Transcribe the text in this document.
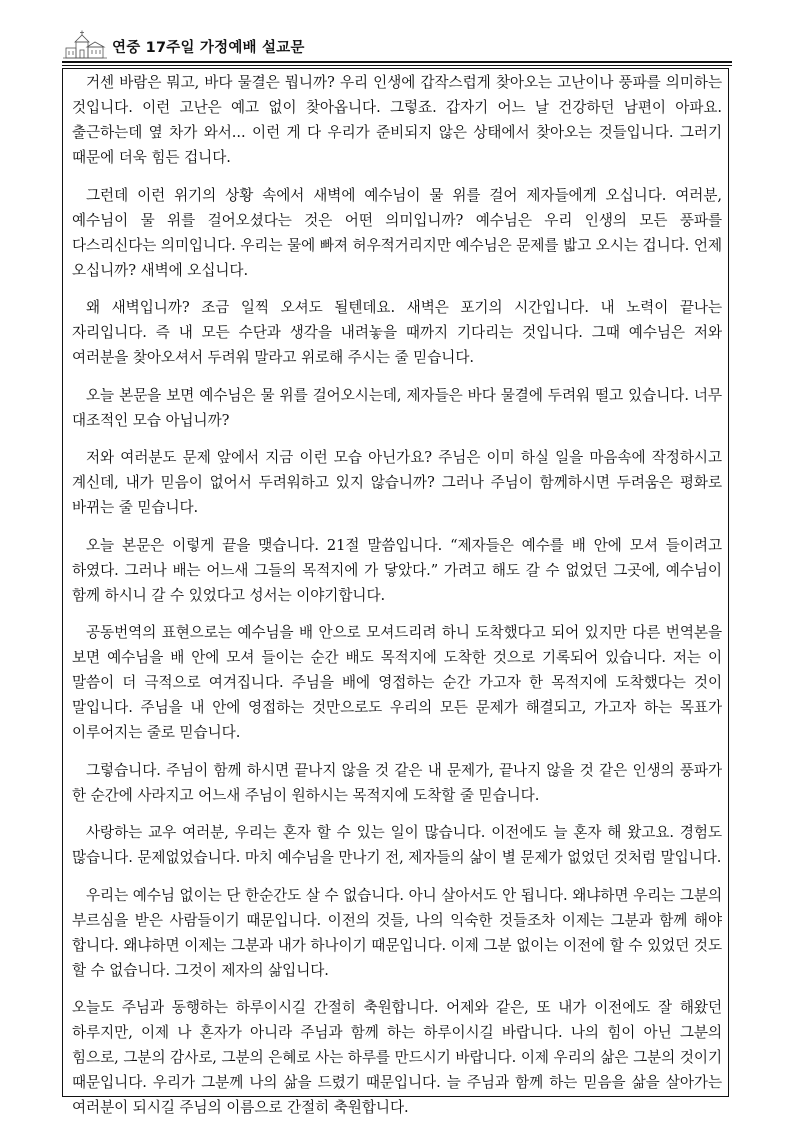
연중 17주일 가정예배 설교문

거센 바람은 뭐고, 바다 물결은 뭡니까? 우리 인생에 갑작스럽게 찾아오는 고난이나 풍파를 의미하는 것입니다. 이런 고난은 예고 없이 찾아옵니다. 그렇죠. 갑자기 어느 날 건강하던 남편이 아파요. 출근하는데 옆 차가 와서... 이런 게 다 우리가 준비되지 않은 상태에서 찾아오는 것들입니다. 그러기 때문에 더욱 힘든 겁니다.

그런데 이런 위기의 상황 속에서 새벽에 예수님이 물 위를 걸어 제자들에게 오십니다. 여러분, 예수님이 물 위를 걸어오셨다는 것은 어떤 의미입니까? 예수님은 우리 인생의 모든 풍파를 다스리신다는 의미입니다. 우리는 물에 빠져 허우적거리지만 예수님은 문제를 밟고 오시는 겁니다. 언제 오십니까? 새벽에 오십니다.

왜 새벽입니까? 조금 일찍 오셔도 될텐데요. 새벽은 포기의 시간입니다. 내 노력이 끝나는 자리입니다. 즉 내 모든 수단과 생각을 내려놓을 때까지 기다리는 것입니다. 그때 예수님은 저와 여러분을 찾아오셔서 두려워 말라고 위로해 주시는 줄 믿습니다.

오늘 본문을 보면 예수님은 물 위를 걸어오시는데, 제자들은 바다 물결에 두려워 떨고 있습니다. 너무 대조적인 모습 아닙니까?

저와 여러분도 문제 앞에서 지금 이런 모습 아닌가요? 주님은 이미 하실 일을 마음속에 작정하시고 계신데, 내가 믿음이 없어서 두려워하고 있지 않습니까? 그러나 주님이 함께하시면 두려움은 평화로 바뀌는 줄 믿습니다.

오늘 본문은 이렇게 끝을 맺습니다. 21절 말씀입니다. “제자들은 예수를 배 안에 모셔 들이려고 하였다. 그러나 배는 어느새 그들의 목적지에 가 닿았다.” 가려고 해도 갈 수 없었던 그곳에, 예수님이 함께 하시니 갈 수 있었다고 성서는 이야기합니다.

공동번역의 표현으로는 예수님을 배 안으로 모셔드리려 하니 도착했다고 되어 있지만 다른 번역본을 보면 예수님을 배 안에 모셔 들이는 순간 배도 목적지에 도착한 것으로 기록되어 있습니다. 저는 이 말씀이 더 극적으로 여겨집니다. 주님을 배에 영접하는 순간 가고자 한 목적지에 도착했다는 것이 말입니다. 주님을 내 안에 영접하는 것만으로도 우리의 모든 문제가 해결되고, 가고자 하는 목표가 이루어지는 줄로 믿습니다.

그렇습니다. 주님이 함께 하시면 끝나지 않을 것 같은 내 문제가, 끝나지 않을 것 같은 인생의 풍파가 한 순간에 사라지고 어느새 주님이 원하시는 목적지에 도착할 줄 믿습니다.

사랑하는 교우 여러분, 우리는 혼자 할 수 있는 일이 많습니다. 이전에도 늘 혼자 해 왔고요. 경험도 많습니다. 문제없었습니다. 마치 예수님을 만나기 전, 제자들의 삶이 별 문제가 없었던 것처럼 말입니다.

우리는 예수님 없이는 단 한순간도 살 수 없습니다. 아니 살아서도 안 됩니다. 왜냐하면 우리는 그분의 부르심을 받은 사람들이기 때문입니다. 이전의 것들, 나의 익숙한 것들조차 이제는 그분과 함께 해야 합니다. 왜냐하면 이제는 그분과 내가 하나이기 때문입니다. 이제 그분 없이는 이전에 할 수 있었던 것도 할 수 없습니다. 그것이 제자의 삶입니다.

오늘도 주님과 동행하는 하루이시길 간절히 축원합니다. 어제와 같은, 또 내가 이전에도 잘 해왔던 하루지만, 이제 나 혼자가 아니라 주님과 함께 하는 하루이시길 바랍니다. 나의 힘이 아닌 그분의 힘으로, 그분의 감사로, 그분의 은혜로 사는 하루를 만드시기 바랍니다. 이제 우리의 삶은 그분의 것이기 때문입니다. 우리가 그분께 나의 삶을 드렸기 때문입니다. 늘 주님과 함께 하는 믿음을 삶을 살아가는 여러분이 되시길 주님의 이름으로 간절히 축원합니다.
